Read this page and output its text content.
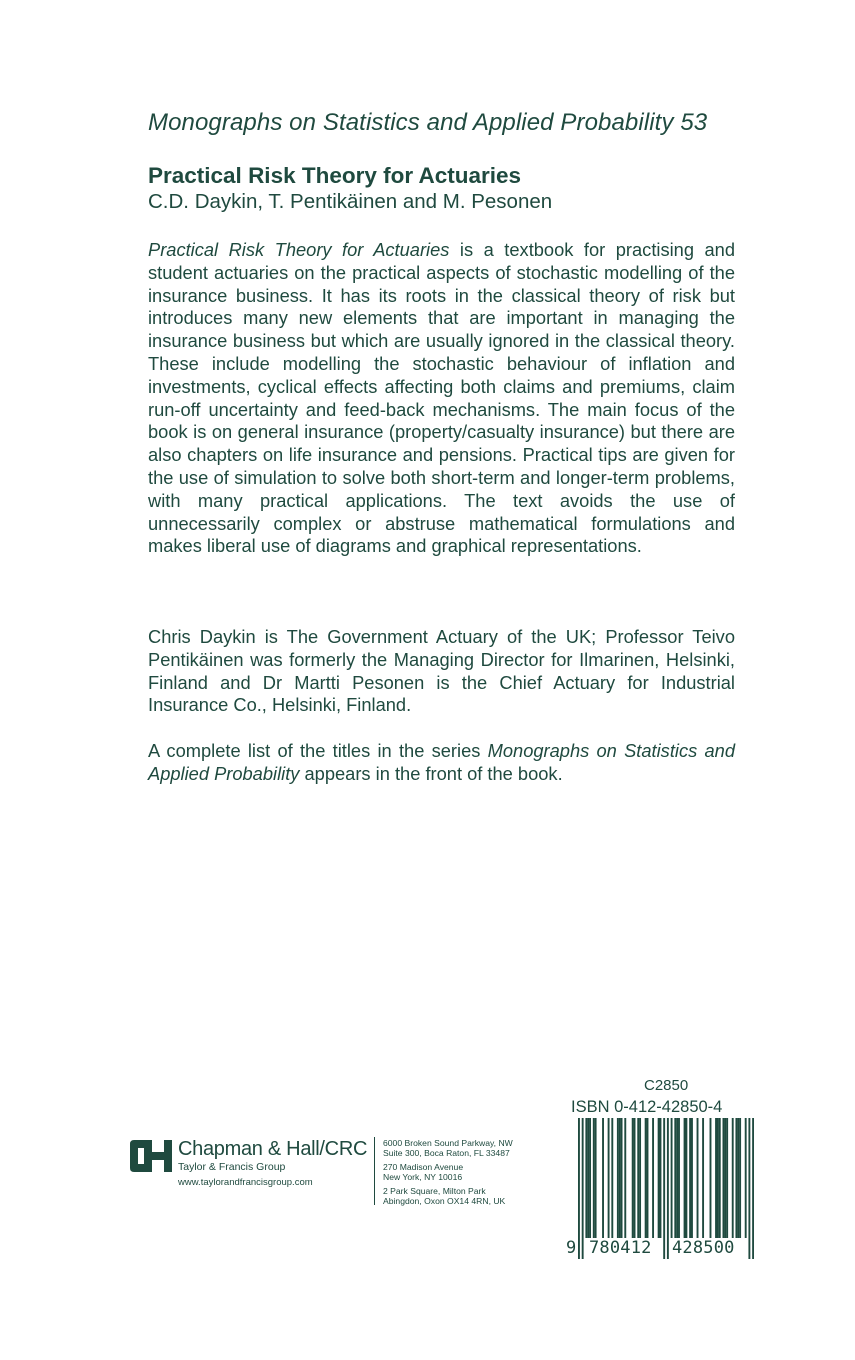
Monographs on Statistics and Applied Probability 53
Practical Risk Theory for Actuaries
C.D. Daykin, T. Pentikäinen and M. Pesonen

Practical Risk Theory for Actuaries is a textbook for practising and student actuaries on the practical aspects of stochastic modelling of the insurance business. It has its roots in the classical theory of risk but introduces many new elements that are important in managing the insurance business but which are usually ignored in the classical theory. These include modelling the stochastic behaviour of inflation and investments, cyclical effects affecting both claims and premiums, claim run-off uncertainty and feed-back mechanisms. The main focus of the book is on general insurance (property/casualty insurance) but there are also chapters on life insurance and pensions. Practical tips are given for the use of simulation to solve both short-term and longer-term problems, with many practical applications. The text avoids the use of unnecessarily complex or abstruse mathematical formulations and makes liberal use of diagrams and graphical representations.

Chris Daykin is The Government Actuary of the UK; Professor Teivo Pentikäinen was formerly the Managing Director for Ilmarinen, Helsinki, Finland and Dr Martti Pesonen is the Chief Actuary for Industrial Insurance Co., Helsinki, Finland.

A complete list of the titles in the series Monographs on Statistics and Applied Probability appears in the front of the book.

Chapman & Hall/CRC
Taylor & Francis Group
www.taylorandfrancisgroup.com
6000 Broken Sound Parkway, NW
Suite 300, Boca Raton, FL 33487
270 Madison Avenue
New York, NY 10016
2 Park Square, Milton Park
Abingdon, Oxon OX14 4RN, UK
C2850
ISBN 0-412-42850-4
9 780412 428500
